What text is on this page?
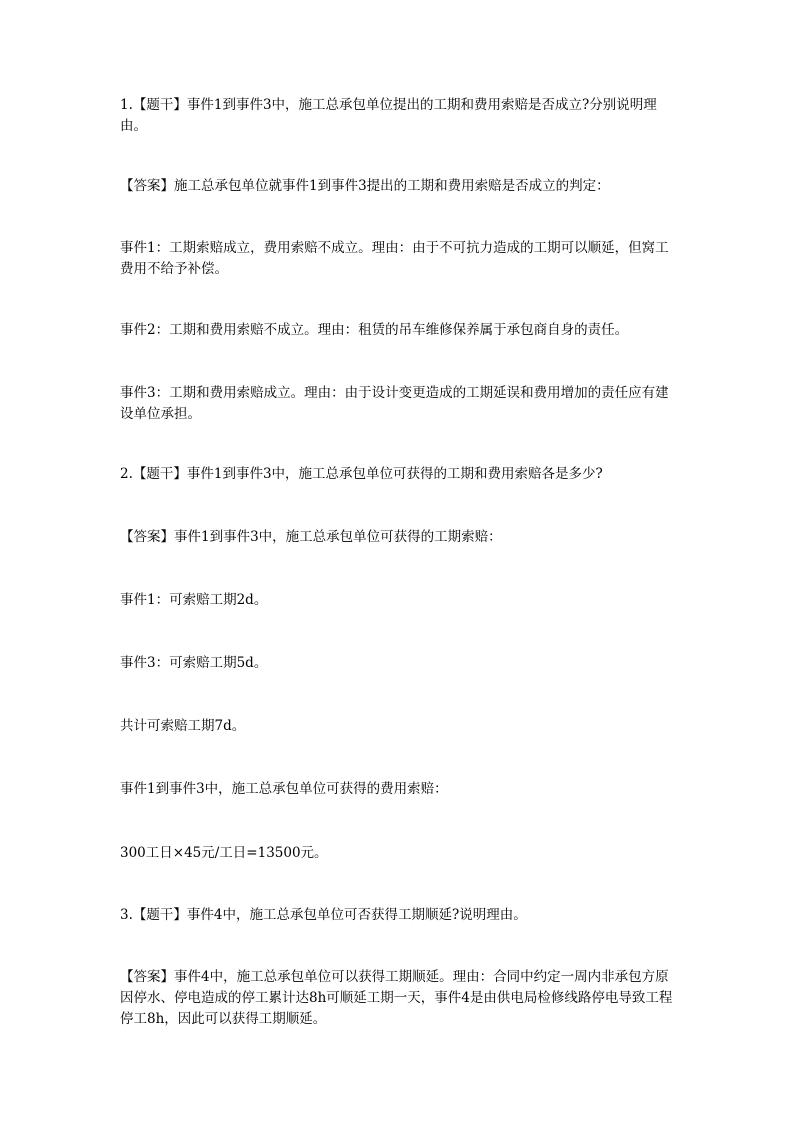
1.【题干】事件1到事件3中，施工总承包单位提出的工期和费用索赔是否成立?分别说明理由。

【答案】施工总承包单位就事件1到事件3提出的工期和费用索赔是否成立的判定：

事件1：工期索赔成立，费用索赔不成立。理由：由于不可抗力造成的工期可以顺延，但窝工费用不给予补偿。

事件2：工期和费用索赔不成立。理由：租赁的吊车维修保养属于承包商自身的责任。

事件3：工期和费用索赔成立。理由：由于设计变更造成的工期延误和费用增加的责任应有建设单位承担。

2.【题干】事件1到事件3中，施工总承包单位可获得的工期和费用索赔各是多少?

【答案】事件1到事件3中，施工总承包单位可获得的工期索赔：

事件1：可索赔工期2d。

事件3：可索赔工期5d。

共计可索赔工期7d。

事件1到事件3中，施工总承包单位可获得的费用索赔：

300工日×45元/工日=13500元。

3.【题干】事件4中，施工总承包单位可否获得工期顺延?说明理由。

【答案】事件4中，施工总承包单位可以获得工期顺延。理由：合同中约定一周内非承包方原因停水、停电造成的停工累计达8h可顺延工期一天，事件4是由供电局检修线路停电导致工程停工8h，因此可以获得工期顺延。
